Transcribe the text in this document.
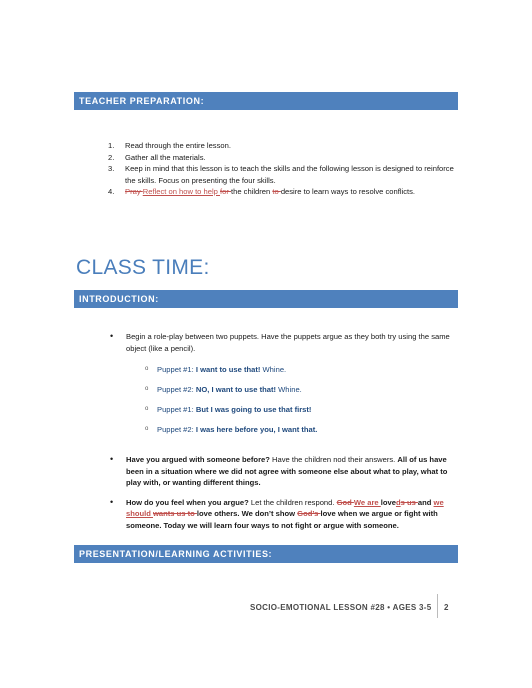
TEACHER PREPARATION:
1. Read through the entire lesson.
2. Gather all the materials.
3. Keep in mind that this lesson is to teach the skills and the following lesson is designed to reinforce the skills. Focus on presenting the four skills.
4. Pray Reflect on how to help for the children to desire to learn ways to resolve conflicts.
CLASS TIME:
INTRODUCTION:
• Begin a role-play between two puppets. Have the puppets argue as they both try using the same object (like a pencil).
o Puppet #1: I want to use that! Whine.
o Puppet #2: NO, I want to use that! Whine.
o Puppet #1: But I was going to use that first!
o Puppet #2: I was here before you, I want that.
• Have you argued with someone before? Have the children nod their answers. All of us have been in a situation where we did not agree with someone else about what to play, what to play with, or wanting different things.
• How do you feel when you argue? Let the children respond. God We are loveds us and we should wants us to love others. We don’t show God’s love when we argue or fight with someone. Today we will learn four ways to not fight or argue with someone.
PRESENTATION/LEARNING ACTIVITIES:
SOCIO-EMOTIONAL LESSON #28 • AGES 3-5 2
